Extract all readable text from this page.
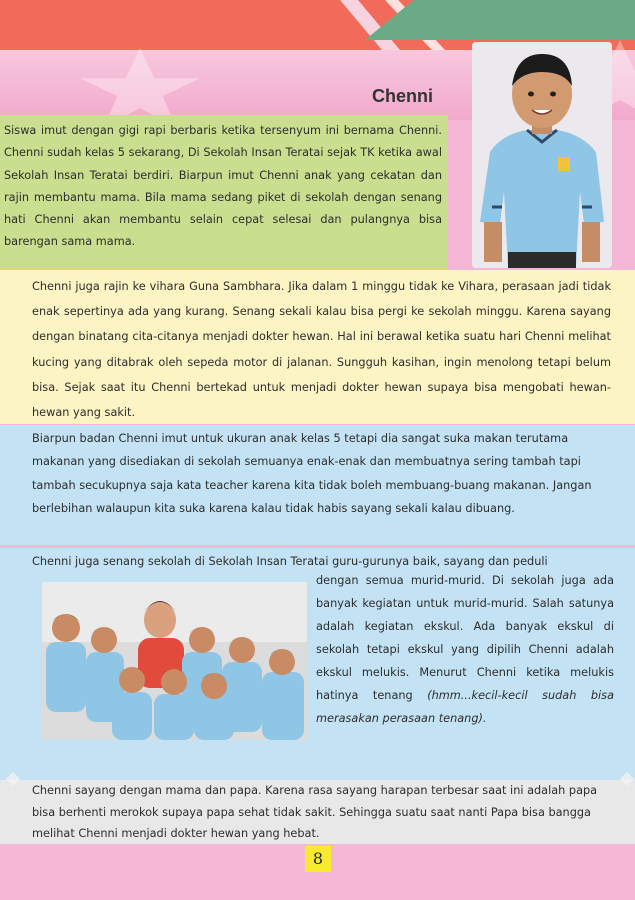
Chenni
Siswa imut dengan gigi rapi berbaris ketika tersenyum ini bernama Chenni. Chenni sudah kelas 5 sekarang, Di Sekolah Insan Teratai sejak TK ketika awal Sekolah Insan Teratai berdiri. Biarpun imut Chenni anak yang cekatan dan rajin membantu mama. Bila mama sedang piket di sekolah dengan senang hati Chenni akan membantu selain cepat selesai dan pulangnya bisa barengan sama mama.
Chenni juga rajin ke vihara Guna Sambhara. Jika dalam 1 minggu tidak ke Vihara, perasaan jadi tidak enak sepertinya ada yang kurang. Senang sekali kalau bisa pergi ke sekolah minggu. Karena sayang dengan binatang cita-citanya menjadi dokter hewan. Hal ini berawal ketika suatu hari Chenni melihat kucing yang ditabrak oleh sepeda motor di jalanan. Sungguh kasihan, ingin menolong tetapi belum bisa. Sejak saat itu Chenni bertekad untuk menjadi dokter hewan supaya bisa mengobati hewan-hewan yang sakit.
Biarpun badan Chenni imut untuk ukuran anak kelas 5 tetapi dia sangat suka makan terutama makanan yang disediakan di sekolah semuanya enak-enak dan membuatnya sering tambah tapi tambah secukupnya saja kata teacher karena kita tidak boleh membuang-buang makanan. Jangan berlebihan walaupun kita suka karena kalau tidak habis sayang sekali kalau dibuang.
Chenni juga senang sekolah di Sekolah Insan Teratai guru-gurunya baik, sayang dan peduli
dengan semua murid-murid. Di sekolah juga ada banyak kegiatan untuk murid-murid. Salah satunya adalah kegiatan ekskul. Ada banyak ekskul di sekolah tetapi ekskul yang dipilih Chenni adalah ekskul melukis. Menurut Chenni ketika melukis hatinya tenang (hmm...kecil-kecil sudah bisa merasakan perasaan tenang).
Chenni sayang dengan mama dan papa. Karena rasa sayang harapan terbesar saat ini adalah papa bisa berhenti merokok supaya papa sehat tidak sakit. Sehingga suatu saat nanti Papa bisa bangga melihat Chenni menjadi dokter hewan yang hebat.
8
